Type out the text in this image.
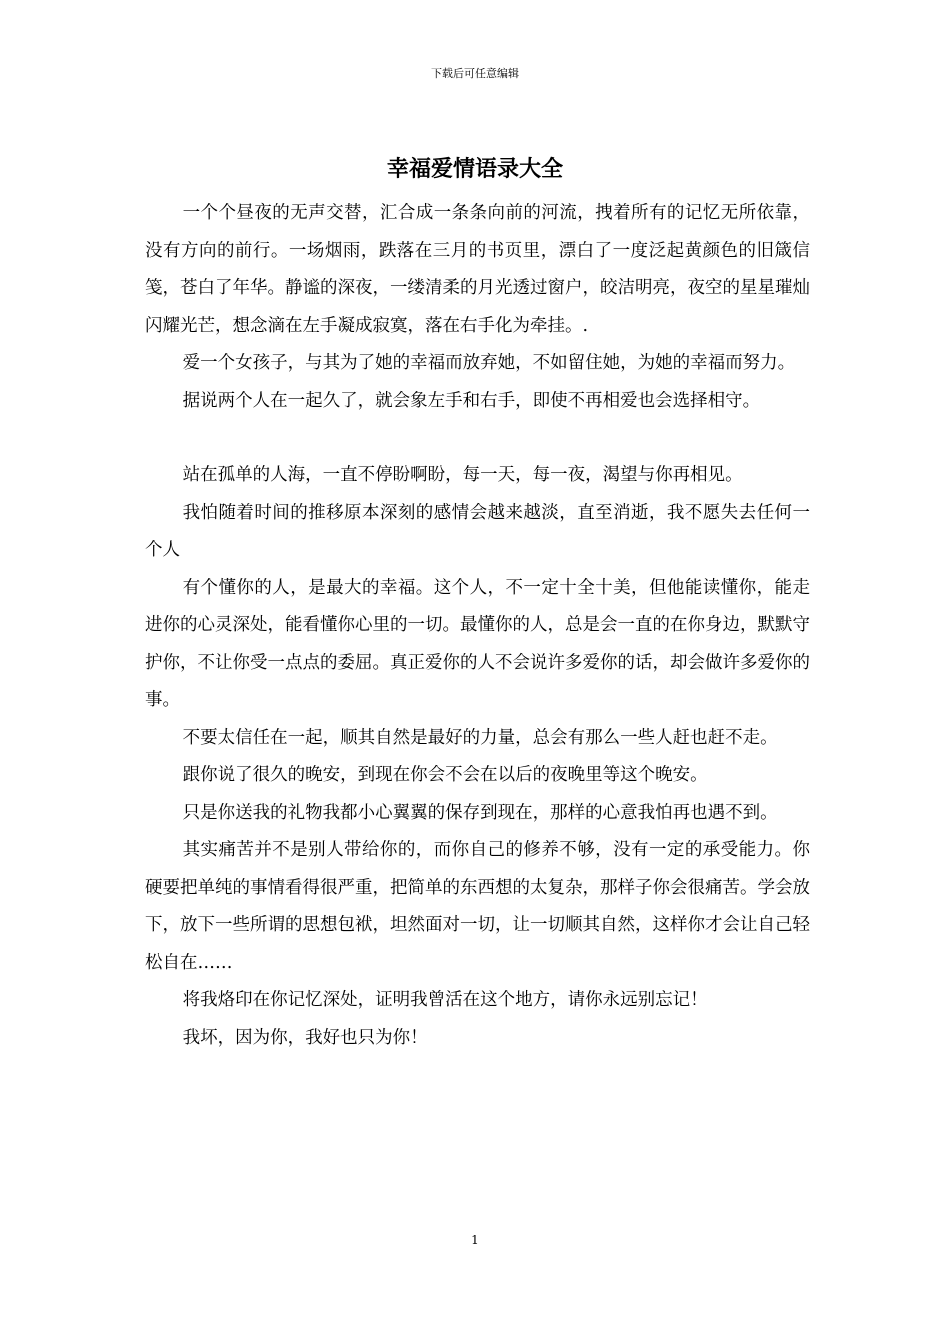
下载后可任意编辑
幸福爱情语录大全

一个个昼夜的无声交替，汇合成一条条向前的河流，拽着所有的记忆无所依靠，没有方向的前行。一场烟雨，跌落在三月的书页里，漂白了一度泛起黄颜色的旧箴信笺，苍白了年华。静谧的深夜，一缕清柔的月光透过窗户，皎洁明亮，夜空的星星璀灿闪耀光芒，想念滴在左手凝成寂寞，落在右手化为牵挂。.

爱一个女孩子，与其为了她的幸福而放弃她，不如留住她，为她的幸福而努力。

据说两个人在一起久了，就会象左手和右手，即使不再相爱也会选择相守。

站在孤单的人海，一直不停盼啊盼，每一天，每一夜，渴望与你再相见。

我怕随着时间的推移原本深刻的感情会越来越淡，直至消逝，我不愿失去任何一个人

有个懂你的人，是最大的幸福。这个人，不一定十全十美，但他能读懂你，能走进你的心灵深处，能看懂你心里的一切。最懂你的人，总是会一直的在你身边，默默守护你，不让你受一点点的委屈。真正爱你的人不会说许多爱你的话，却会做许多爱你的事。

不要太信任在一起，顺其自然是最好的力量，总会有那么一些人赶也赶不走。

跟你说了很久的晚安，到现在你会不会在以后的夜晚里等这个晚安。

只是你送我的礼物我都小心翼翼的保存到现在，那样的心意我怕再也遇不到。

其实痛苦并不是别人带给你的，而你自己的修养不够，没有一定的承受能力。你硬要把单纯的事情看得很严重，把简单的东西想的太复杂，那样子你会很痛苦。学会放下，放下一些所谓的思想包袱，坦然面对一切，让一切顺其自然，这样你才会让自己轻松自在……

将我烙印在你记忆深处，证明我曾活在这个地方，请你永远别忘记！

我坏，因为你，我好也只为你！

1
